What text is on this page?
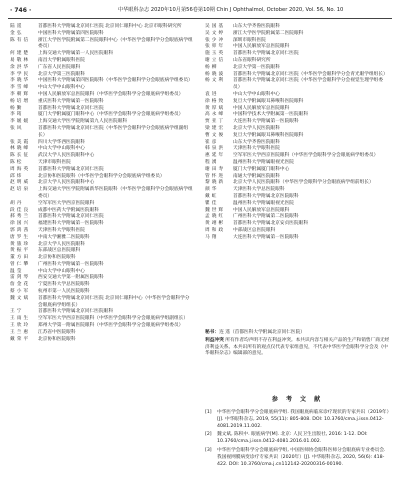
· 746 ·	中华眼科杂志 2020年10月第56卷第10期 Chin J Ophthalmol, October 2020, Vol. 56, No. 10
陆 遥	首都医科大学附属北京同仁医院 北京同仁眼科中心 北京市眼科研究所
金 弘	中国医科大学附属第四医院眼科
陈 有 信	浙江大学医学院附属第二医院眼科中心（中华医学会眼科学分会眼底病学组委员）
何 建 楚	上海交通大学附属第一人民医院眼科
易 敬 林	南昌大学附属眼科医院
余 洪 华	广东省人民医院眼科
李 学 民	北京大学第三医院眼科
李 晓 华	中国医科大学附属第四医院眼科（中华医学会眼科学分会眼底病学组委员）
李 雪 峰	中山大学中山眼科中心
李 朝 辉	中国人民解放军总医院眼科（中华医学会眼科学分会眼底病学组委员）
杨 培 增	重庆医科大学附属第一医院眼科
杨 勤	首都医科大学附属北京同仁医院
李 筠	厦门大学附属厦门眼科中心（中华医学会眼科学分会眼底病学组委员）
李 媛 媛	上海交通大学医学院附属第九人民医院眼科
张 风	首都医科大学附属北京同仁医院（中华医学会眼科学分会眼底病学组副组长）
张 美 霞	四川大学华西医院眼科
林 晓 峰	中山大学中山眼科中心
陈 长 征	武汉大学人民医院眼科中心
陈 松	天津市眼科医院
周 海 英	首都医科大学附属北京同仁医院
邱 炜	北京协和医院眼科（中华医学会眼科学分会眼底病学组委员）
赵 明 威	北京大学人民医院眼科中心
赵 培 泉	上海交通大学医学院附属新华医院眼科（中华医学会眼科学分会眼底病学组委员）
胡 丹	空军军医大学西京医院眼科
段 佳 良	成都中医药大学附属医院眼科
郝 秀 兰	首都医科大学附属北京同仁医院
徐 国 兴	福建医科大学附属第一医院眼科
郭 鸿 茜	天津医科大学眼科医院
唐 罗 生	中南大学湘雅二医院眼科
黄 旅 珍	北京大学人民医院眼科
黄 振 平	东部战区总医院眼科
董 方 田	北京协和医院眼科
曾 仁 攀	广州医科大学附属第一医院眼科
温 莹	中山大学中山眼科中心
雷 剑 琴	西安交通大学第一附属医院眼科
詹 金 花	宁夏医科大学总医院眼科
蔡 小 军	杭州市第一人民医院眼科
魏 文 斌	首都医科大学附属北京同仁医院 北京同仁眼科中心（中华医学会眼科学分会眼底病学组组长）
王 宁	首都医科大学附属北京同仁医院眼科
王 雨 生	空军军医大学西京医院眼科（中华医学会眼科学分会眼底病学组副组长）
王 欣 玲	郑州大学第一附属医院眼科（中华医学会眼科学分会眼底病学组委员）
王 兰 惠	江苏省中医院眼科
戴 荣 平	北京协和医院眼科
吴 国 基	山东大学齐鲁医院眼科
吴 文 婷	浙江大学医学院附属第二医院眼科
张 少 冲	深圳市眼科医院
张 卯 年	中国人民解放军总医院眼科
施 玉 英	首都医科大学附属北京同仁医院
谢 立 信	山东省眼科研究所
杨 柳	北京大学第一医院眼科
杨 晓 波	首都医科大学附属北京同仁医院（中华医学会眼科学分会青光眼学组组长）
杨 文 利	首都医科大学附属北京同仁医院（中华医学会眼科学分会视觉生理学组委员）
袁 进	中山大学中山眼科中心
徐 格 致	复旦大学附属眼耳鼻喉科医院眼科
黄 厚 斌	中国人民解放军总医院眼科
高 永 峰	中国科学技术大学附属第一医院眼科
贾 亚 丁	大连医科大学附属第一医院眼科
梁 建 宏	北京大学人民医院眼科
曹 文 俊	复旦大学附属眼耳鼻喉科医院眼科
崔 彦	山东大学齐鲁医院眼科
韩 泉 洪	天津医科大学眼科医院
惠 延 年	空军军医大学西京医院眼科（中华医学会眼科学分会眼底病学组委员）
程 湧	温州医科大学附属眼视光医院
谢 田 寿	厦门大学附属厦门眼科中心
管 怀 进	南通大学附属医院眼科
黎 晓 新	北京大学人民医院眼科（中华医学会眼科学分会眼底病学组前组长）
颜 华	天津医科大学总医院眼科
戴 虹	首都医科大学附属北京医院眼科
瞿 佳	温州医科大学附属眼视光医院
魏 世 辉	中国人民解放军总医院眼科
孟 晓 红	广州医科大学附属第二医院眼科
黄 翊 彬	首都医科大学附属北京安贞医院眼科
周 和 政	中部战区总医院眼科
马 翔	大连医科大学附属第一医院眼科

秘书：连 遥（首都医科大学附属北京同仁医院）

利益冲突 所有作者均声明不存在利益冲突。本共识内容与相关产品的生产和销售厂商无经济利益关系。本共识所有的观点仅代表专家组意见，不代表中华医学会眼科学分会及《中华眼科杂志》编辑部的意见。

参 考 文 献
[1]	中华医学会眼科学分会眼底病学组. 我国眼底病临床诊疗现状的专家共识（2019年）[J]. 中华眼科杂志, 2019, 55(11): 805-808. DOI: 10.3760/cma.j.issn.0412-4081.2019.11.002.
[2]	魏文斌, 陈积中. 眼底病学[M]. 北京: 人民卫生出版社, 2016: 1-12. DOI: 10.3760/cma.j.issn.0412-4081.2016.01.002.
[3]	中华医学会眼科学分会眼底病学组, 中国医师协会眼科医师分会眼底病专业委员会. 我国视网膜病变诊疗专家共识（2020年）[J]. 中华眼科杂志, 2020, 56(6): 418-422. DOI: 10.3760/cma.j.cn112142-20200316-00190.
